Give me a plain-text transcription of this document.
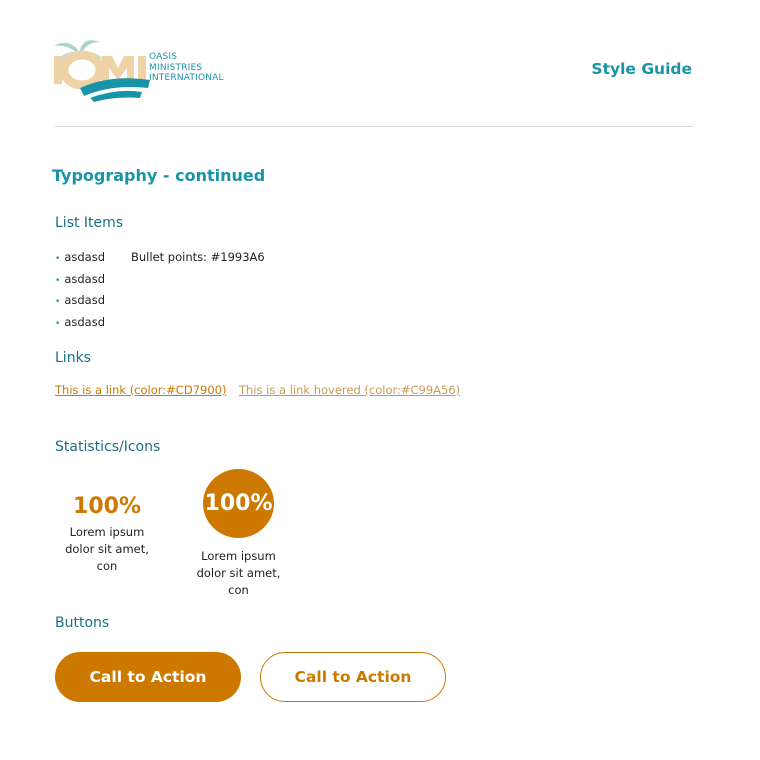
OASIS
MINISTRIES
INTERNATIONAL	Style Guide
Typography - continued
List Items
• asdasd
• asdasd
• asdasd
• asdasd
Bullet points: #1993A6
Links
This is a link (color:#CD7900) This is a link hovered (color:#C99A56)
Statistics/Icons
100%
Lorem ipsum
dolor sit amet, con
100%
Lorem ipsum
dolor sit amet, con
Buttons
Call to Action	Call to Action
